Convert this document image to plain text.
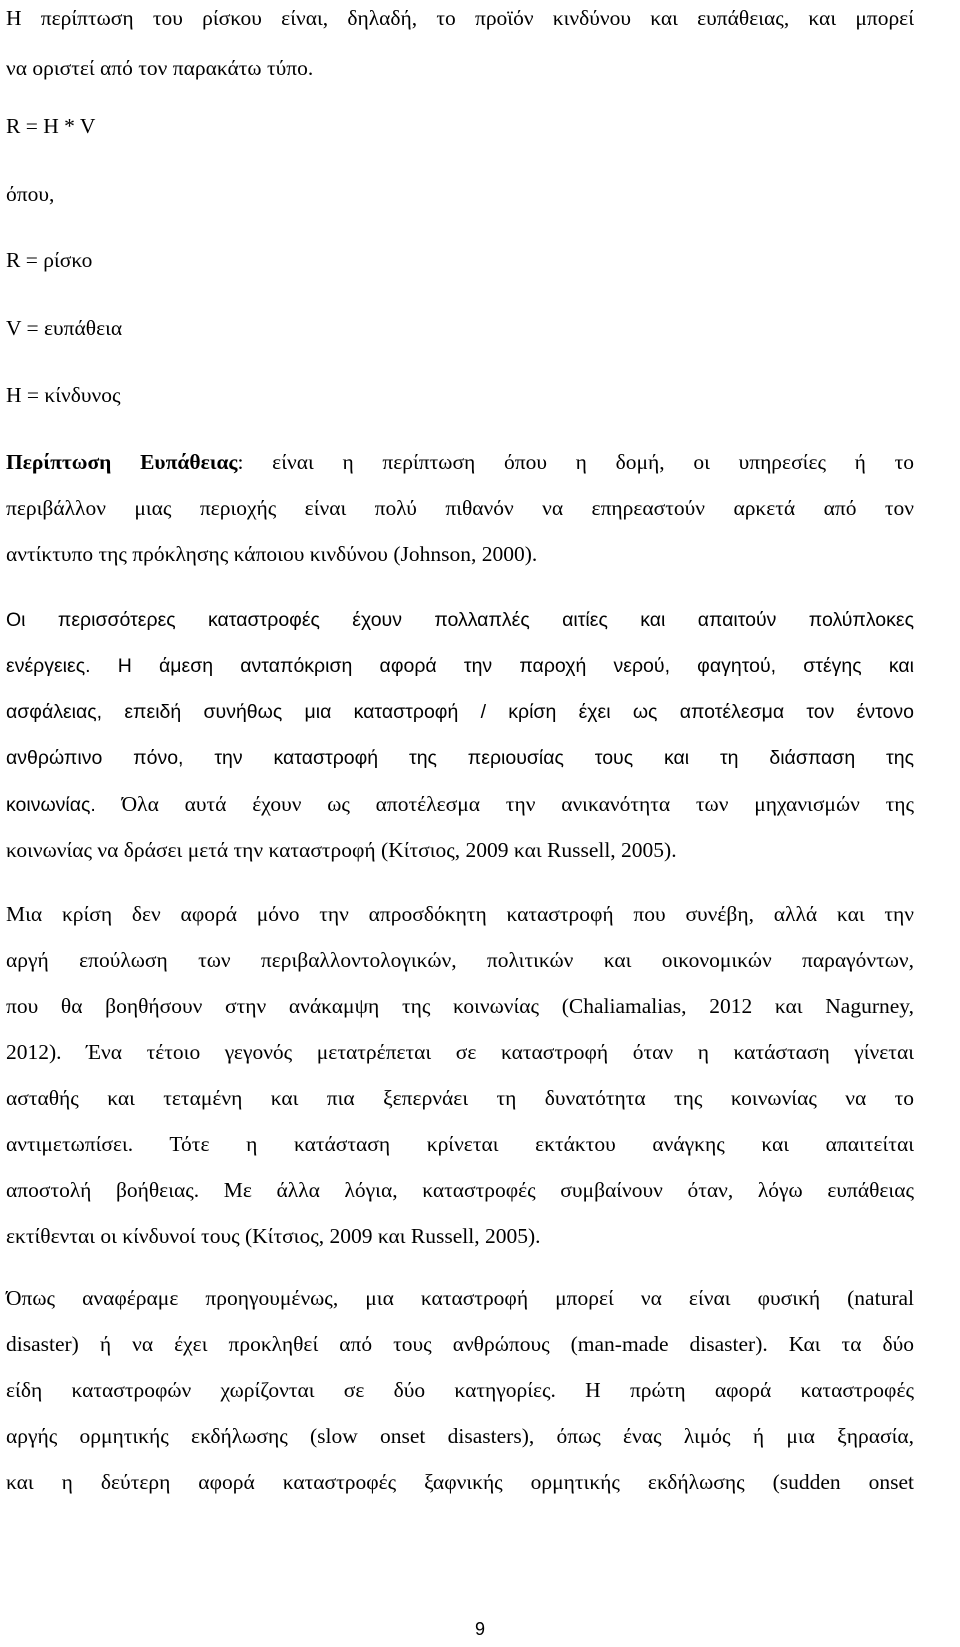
Η περίπτωση του ρίσκου είναι, δηλαδή, το προϊόν κινδύνου και ευπάθειας, και μπορεί
να οριστεί από τον παρακάτω τύπο.
R = H * V
όπου,
R = ρίσκο
V = ευπάθεια
Η = κίνδυνος
Περίπτωση Ευπάθειας: είναι η περίπτωση όπου η δομή, οι υπηρεσίες ή το
περιβάλλον μιας περιοχής είναι πολύ πιθανόν να επηρεαστούν αρκετά από τον
αντίκτυπο της πρόκλησης κάποιου κινδύνου (Johnson, 2000).
Οι περισσότερες καταστροφές έχουν πολλαπλές αιτίες και απαιτούν πολύπλοκες
ενέργειες. Η άμεση ανταπόκριση αφορά την παροχή νερού, φαγητού, στέγης και
ασφάλειας, επειδή συνήθως μια καταστροφή / κρίση έχει ως αποτέλεσμα τον έντονο
ανθρώπινο πόνο, την καταστροφή της περιουσίας τους και τη διάσπαση της
κοινωνίας. Όλα αυτά έχουν ως αποτέλεσμα την ανικανότητα των μηχανισμών της
κοινωνίας να δράσει μετά την καταστροφή (Κίτσιος, 2009 και Russell, 2005).
Μια κρίση δεν αφορά μόνο την απροσδόκητη καταστροφή που συνέβη, αλλά και την
αργή επούλωση των περιβαλλοντολογικών, πολιτικών και οικονομικών παραγόντων,
που θα βοηθήσουν στην ανάκαμψη της κοινωνίας (Chaliamalias, 2012 και Nagurney,
2012). Ένα τέτοιο γεγονός μετατρέπεται σε καταστροφή όταν η κατάσταση γίνεται
ασταθής και τεταμένη και πια ξεπερνάει τη δυνατότητα της κοινωνίας να το
αντιμετωπίσει. Τότε η κατάσταση κρίνεται εκτάκτου ανάγκης και απαιτείται
αποστολή βοήθειας. Με άλλα λόγια, καταστροφές συμβαίνουν όταν, λόγω ευπάθειας
εκτίθενται οι κίνδυνοί τους (Κίτσιος, 2009 και Russell, 2005).
Όπως αναφέραμε προηγουμένως, μια καταστροφή μπορεί να είναι φυσική (natural
disaster) ή να έχει προκληθεί από τους ανθρώπους (man-made disaster). Και τα δύο
είδη καταστροφών χωρίζονται σε δύο κατηγορίες. Η πρώτη αφορά καταστροφές
αργής ορμητικής εκδήλωσης (slow onset disasters), όπως ένας λιμός ή μια ξηρασία,
και η δεύτερη αφορά καταστροφές ξαφνικής ορμητικής εκδήλωσης (sudden onset
9
